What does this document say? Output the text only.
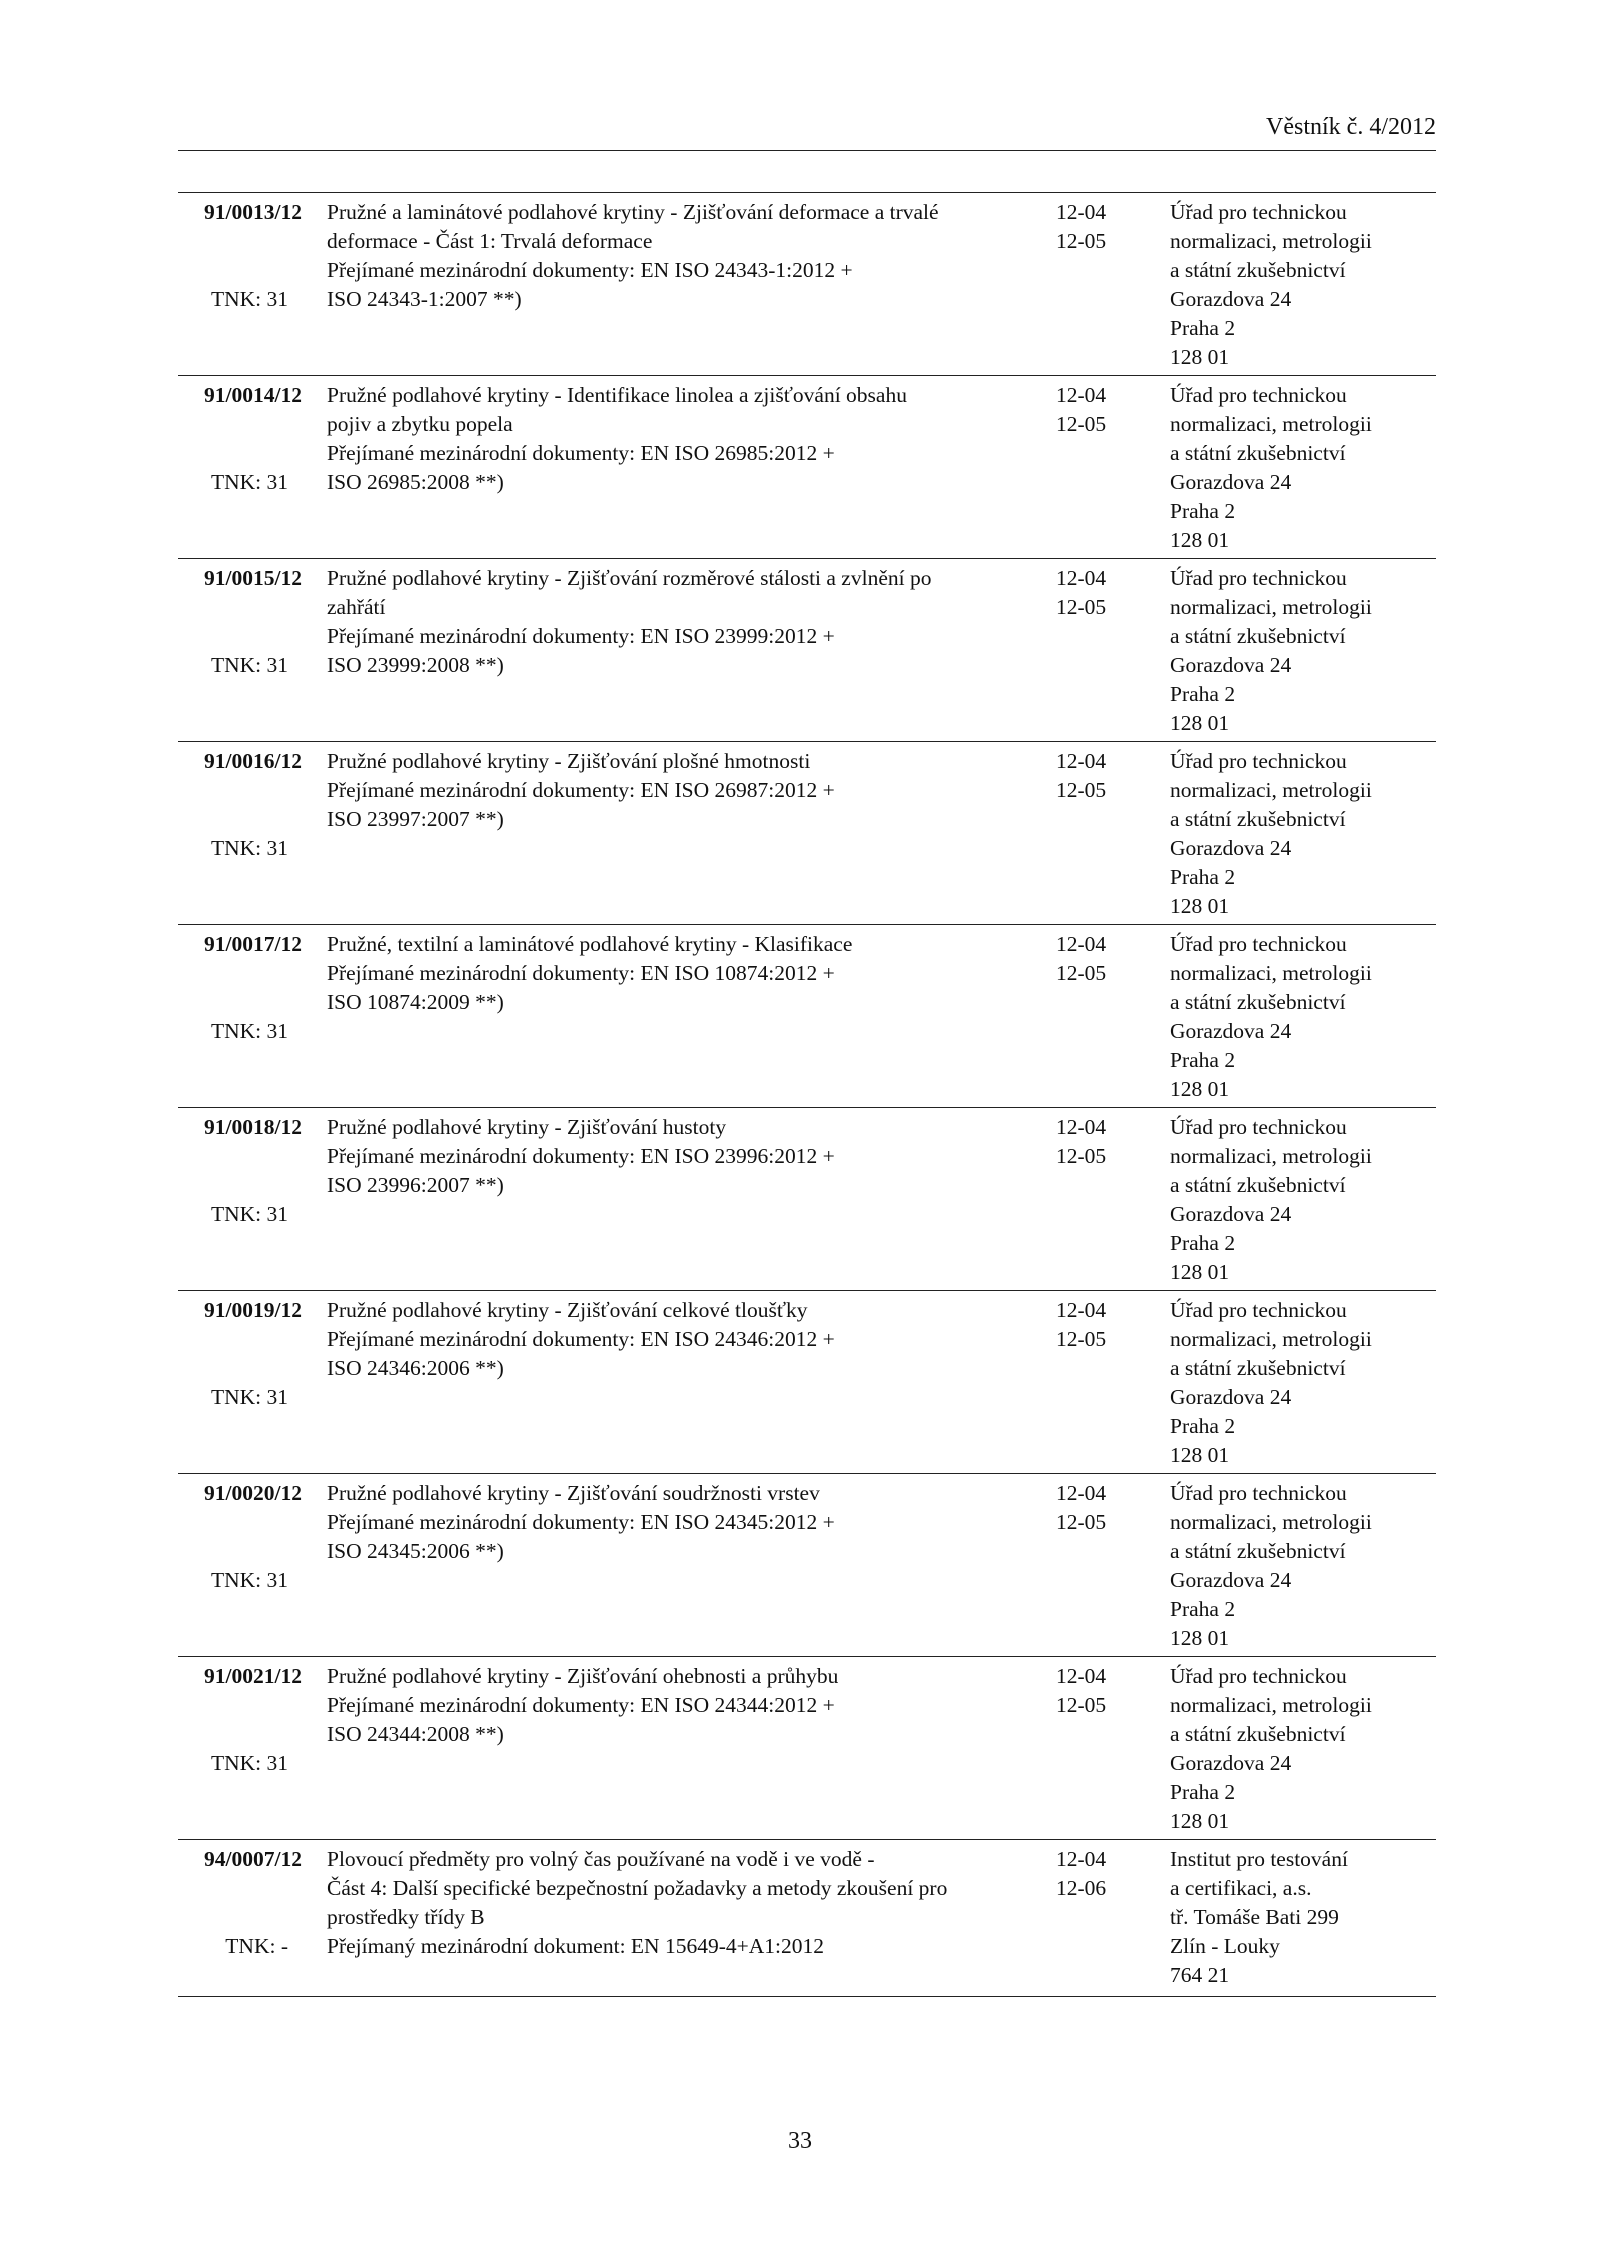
Věstník č. 4/2012
91/0013/12
TNK: 31
Pružné a laminátové podlahové krytiny - Zjišťování deformace a trvalé
deformace - Část 1: Trvalá deformace
Přejímané mezinárodní dokumenty: EN ISO 24343-1:2012 +
ISO 24343-1:2007 **)
12-04
12-05
Úřad pro technickou
normalizaci, metrologii
a státní zkušebnictví
Gorazdova 24
Praha 2
128 01
91/0014/12
TNK: 31
Pružné podlahové krytiny - Identifikace linolea a zjišťování obsahu
pojiv a zbytku popela
Přejímané mezinárodní dokumenty: EN ISO 26985:2012 +
ISO 26985:2008 **)
12-04
12-05
Úřad pro technickou
normalizaci, metrologii
a státní zkušebnictví
Gorazdova 24
Praha 2
128 01
91/0015/12
TNK: 31
Pružné podlahové krytiny - Zjišťování rozměrové stálosti a zvlnění po
zahřátí
Přejímané mezinárodní dokumenty: EN ISO 23999:2012 +
ISO 23999:2008 **)
12-04
12-05
Úřad pro technickou
normalizaci, metrologii
a státní zkušebnictví
Gorazdova 24
Praha 2
128 01
91/0016/12
TNK: 31
Pružné podlahové krytiny - Zjišťování plošné hmotnosti
Přejímané mezinárodní dokumenty: EN ISO 26987:2012 +
ISO 23997:2007 **)
12-04
12-05
Úřad pro technickou
normalizaci, metrologii
a státní zkušebnictví
Gorazdova 24
Praha 2
128 01
91/0017/12
TNK: 31
Pružné, textilní a laminátové podlahové krytiny - Klasifikace
Přejímané mezinárodní dokumenty: EN ISO 10874:2012 +
ISO 10874:2009 **)
12-04
12-05
Úřad pro technickou
normalizaci, metrologii
a státní zkušebnictví
Gorazdova 24
Praha 2
128 01
91/0018/12
TNK: 31
Pružné podlahové krytiny - Zjišťování hustoty
Přejímané mezinárodní dokumenty: EN ISO 23996:2012 +
ISO 23996:2007 **)
12-04
12-05
Úřad pro technickou
normalizaci, metrologii
a státní zkušebnictví
Gorazdova 24
Praha 2
128 01
91/0019/12
TNK: 31
Pružné podlahové krytiny - Zjišťování celkové tloušťky
Přejímané mezinárodní dokumenty: EN ISO 24346:2012 +
ISO 24346:2006 **)
12-04
12-05
Úřad pro technickou
normalizaci, metrologii
a státní zkušebnictví
Gorazdova 24
Praha 2
128 01
91/0020/12
TNK: 31
Pružné podlahové krytiny - Zjišťování soudržnosti vrstev
Přejímané mezinárodní dokumenty: EN ISO 24345:2012 +
ISO 24345:2006 **)
12-04
12-05
Úřad pro technickou
normalizaci, metrologii
a státní zkušebnictví
Gorazdova 24
Praha 2
128 01
91/0021/12
TNK: 31
Pružné podlahové krytiny - Zjišťování ohebnosti a průhybu
Přejímané mezinárodní dokumenty: EN ISO 24344:2012 +
ISO 24344:2008 **)
12-04
12-05
Úřad pro technickou
normalizaci, metrologii
a státní zkušebnictví
Gorazdova 24
Praha 2
128 01
94/0007/12
TNK: -
Plovoucí předměty pro volný čas používané na vodě i ve vodě -
Část 4: Další specifické bezpečnostní požadavky a metody zkoušení pro
prostředky třídy B
Přejímaný mezinárodní dokument: EN 15649-4+A1:2012
12-04
12-06
Institut pro testování
a certifikaci, a.s.
tř. Tomáše Bati 299
Zlín - Louky
764 21
33
